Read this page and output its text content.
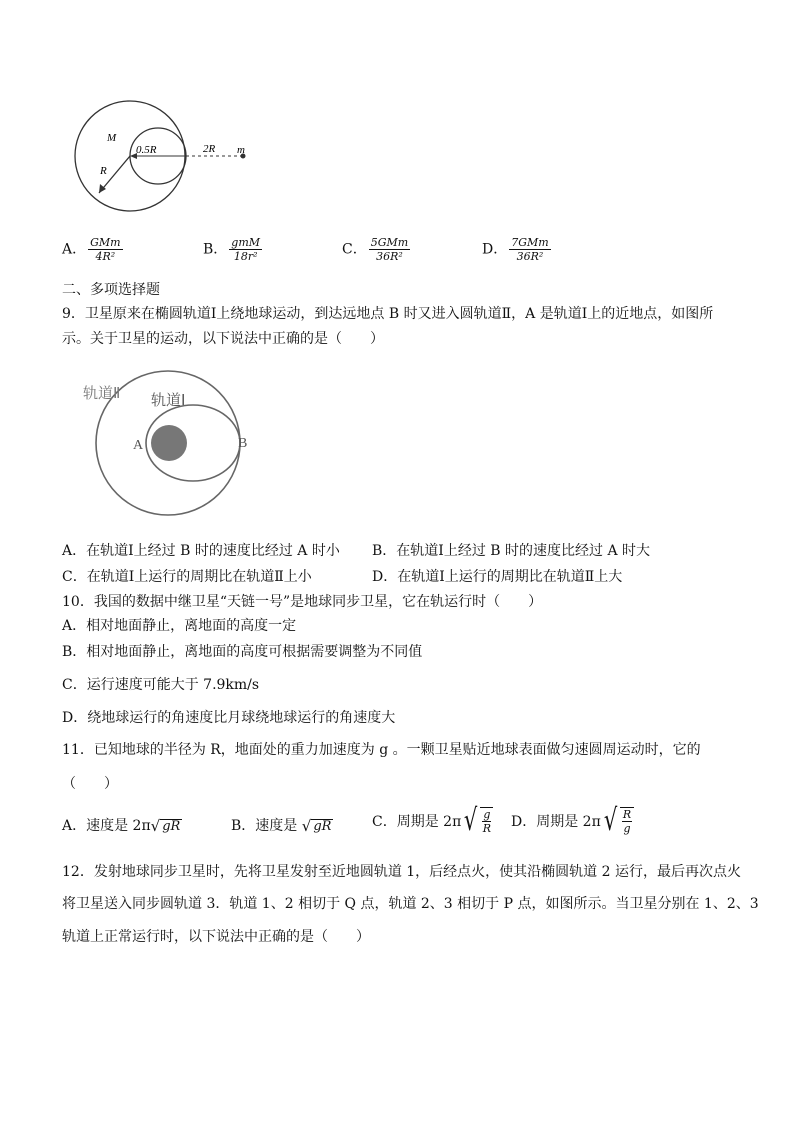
M
R
0.5R	2R m
A． $\frac{\text{GMm}}{\text{4R²}}$	B． $\frac{\text{gmM}}{\text{18r²}}$	C． $\frac{\text{5GMm}}{\text{36R²}}$	D． $\frac{\text{7GMm}}{\text{36R²}}$
二、多项选择题
9．卫星原来在椭圆轨道Ⅰ上绕地球运动，到达远地点 B 时又进入圆轨道Ⅱ，A 是轨道Ⅰ上的近地点，如图所
示。关于卫星的运动，以下说法中正确的是（　　）
轨道Ⅱ 轨道Ⅰ
A	B
A．在轨道Ⅰ上经过 B 时的速度比经过 A 时小 B．在轨道Ⅰ上经过 B 时的速度比经过 A 时大
C．在轨道Ⅰ上运行的周期比在轨道Ⅱ上小	D．在轨道Ⅰ上运行的周期比在轨道Ⅱ上大
10．我国的数据中继卫星“天链一号”是地球同步卫星，它在轨运行时（　　）
A．相对地面静止，离地面的高度一定
B．相对地面静止，离地面的高度可根据需要调整为不同值
C．运行速度可能大于 7.9km/s
D．绕地球运行的角速度比月球绕地球运行的角速度大
11．已知地球的半径为 R，地面处的重力加速度为 g 。一颗卫星贴近地球表面做匀速圆周运动时，它的
（　　）
A．速度是 2π √ gR	B．速度是 √ gR	C．周期是 2π √ g
R D．周期是 2π √ R
g
12．发射地球同步卫星时，先将卫星发射至近地圆轨道 1，后经点火，使其沿椭圆轨道 2 运行，最后再次点火
将卫星送入同步圆轨道 3．轨道 1、2 相切于 Q 点，轨道 2、3 相切于 P 点，如图所示。当卫星分别在 1、2、3
轨道上正常运行时，以下说法中正确的是（　　）
